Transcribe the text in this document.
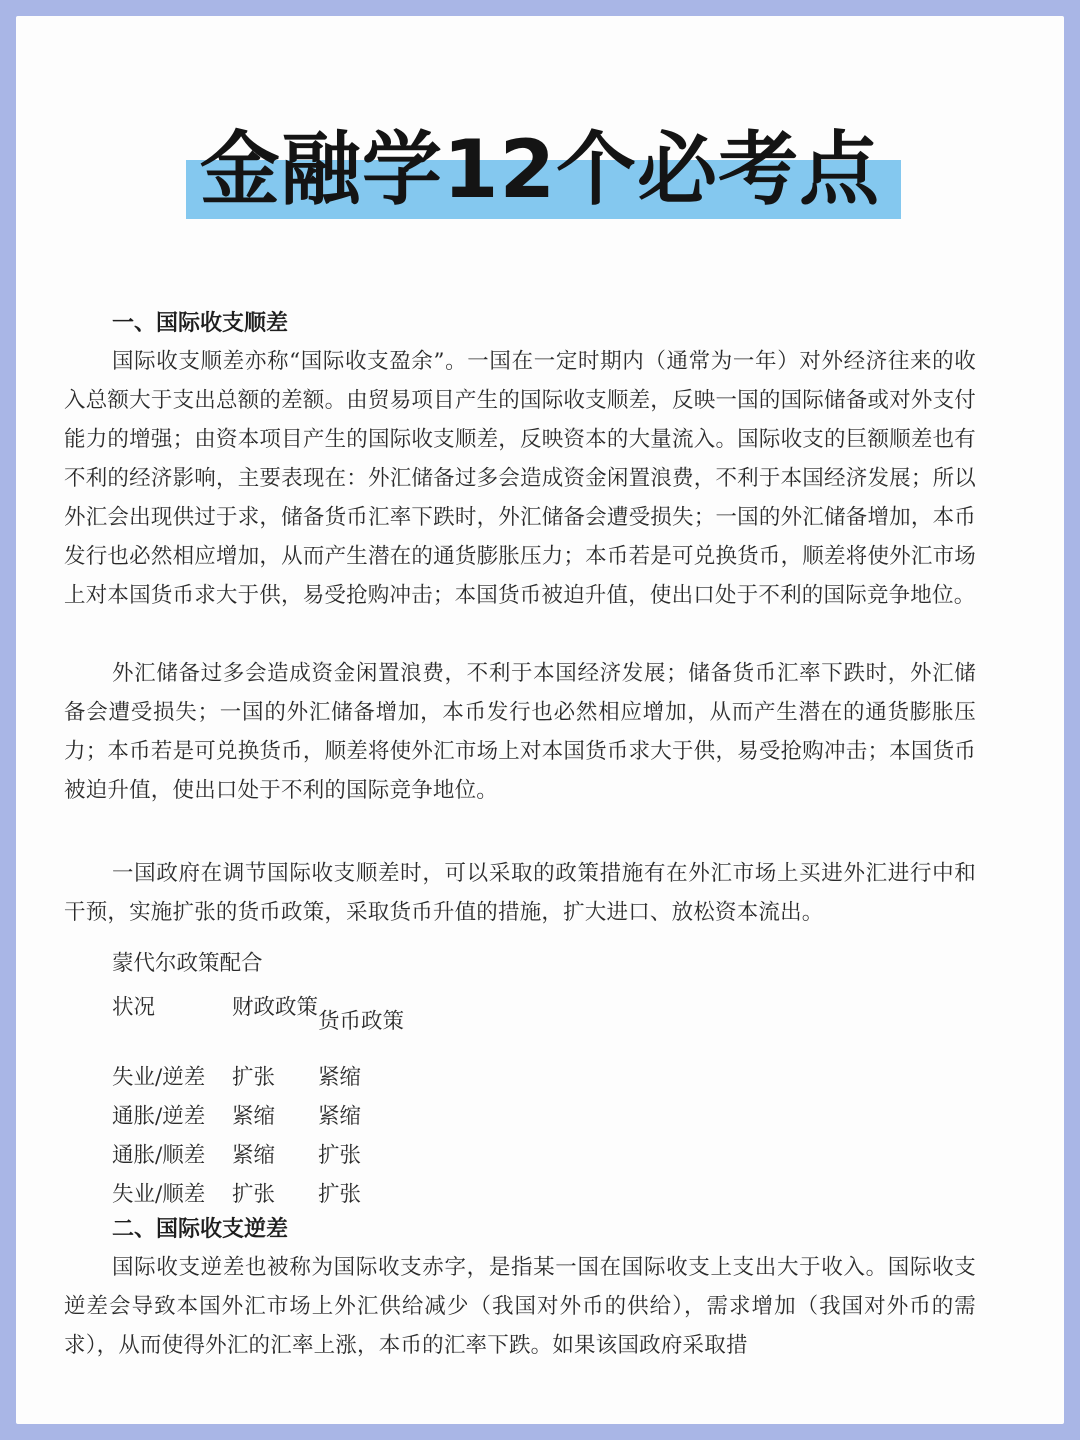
金融学12个必考点
一、国际收支顺差

国际收支顺差亦称“国际收支盈余”。一国在一定时期内（通常为一年）对外经济往来的收入总额大于支出总额的差额。由贸易项目产生的国际收支顺差，反映一国的国际储备或对外支付能力的增强；由资本项目产生的国际收支顺差，反映资本的大量流入。国际收支的巨额顺差也有不利的经济影响，主要表现在：外汇储备过多会造成资金闲置浪费，不利于本国经济发展；所以外汇会出现供过于求，储备货币汇率下跌时，外汇储备会遭受损失；一国的外汇储备增加，本币发行也必然相应增加，从而产生潜在的通货膨胀压力；本币若是可兑换货币，顺差将使外汇市场上对本国货币求大于供，易受抢购冲击；本国货币被迫升值，使出口处于不利的国际竞争地位。

外汇储备过多会造成资金闲置浪费，不利于本国经济发展；储备货币汇率下跌时，外汇储备会遭受损失；一国的外汇储备增加，本币发行也必然相应增加，从而产生潜在的通货膨胀压力；本币若是可兑换货币，顺差将使外汇市场上对本国货币求大于供，易受抢购冲击；本国货币被迫升值，使出口处于不利的国际竞争地位。

一国政府在调节国际收支顺差时，可以采取的政策措施有在外汇市场上买进外汇进行中和干预，实施扩张的货币政策，采取货币升值的措施，扩大进口、放松资本流出。

蒙代尔政策配合
状况	财政政策	货币政策
失业/逆差	扩张	紧缩
通胀/逆差	紧缩	紧缩
通胀/顺差	紧缩	扩张
失业/顺差	扩张	扩张
二、国际收支逆差

国际收支逆差也被称为国际收支赤字，是指某一国在国际收支上支出大于收入。国际收支逆差会导致本国外汇市场上外汇供给减少（我国对外币的供给），需求增加（我国对外币的需求），从而使得外汇的汇率上涨，本币的汇率下跌。如果该国政府采取措
